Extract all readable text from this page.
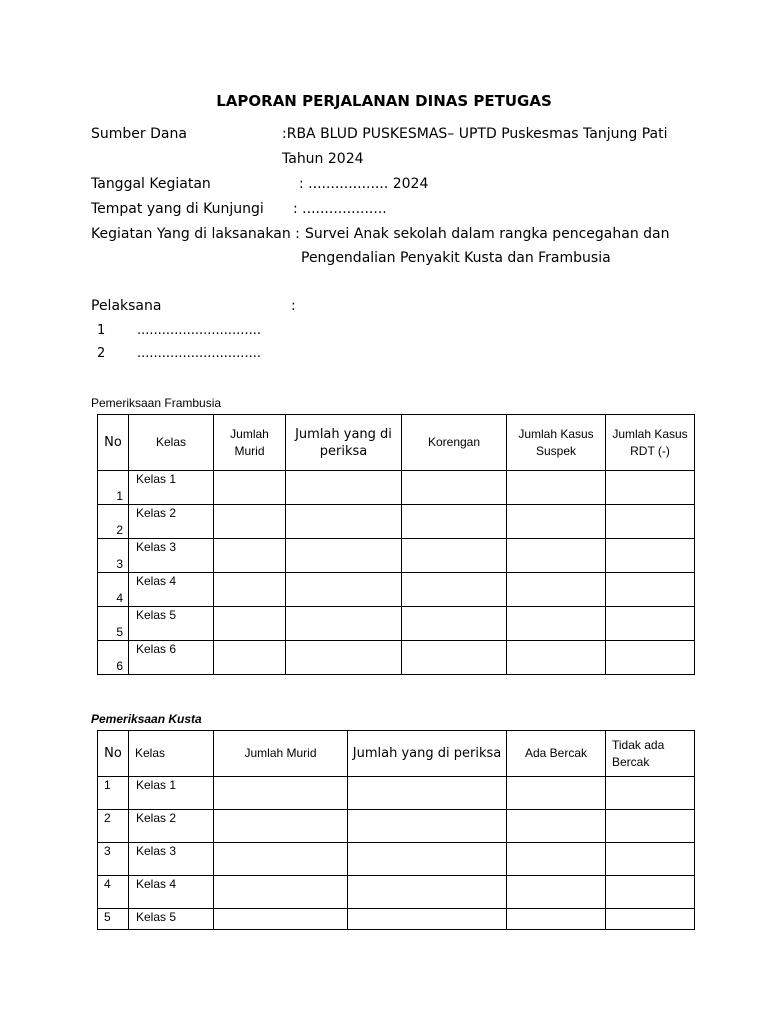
LAPORAN PERJALANAN DINAS PETUGAS
Sumber Dana	:RBA BLUD PUSKESMAS– UPTD Puskesmas Tanjung Pati
Tahun 2024
Tanggal Kegiatan	: .................. 2024
Tempat yang di Kunjungi : ...................
Kegiatan Yang di laksanakan : Survei Anak sekolah dalam rangka pencegahan dan
Pengendalian Penyakit Kusta dan Frambusia
Pelaksana	:
1 ..............................
2 ..............................
Pemeriksaan Frambusia
No	Kelas	Jumlah Murid	Jumlah yang di periksa	Korengan	Jumlah Kasus Suspek	Jumlah Kasus RDT (-)
1	Kelas 1					
2	Kelas 2					
3	Kelas 3					
4	Kelas 4					
5	Kelas 5					
6	Kelas 6					
Pemeriksaan Kusta
No	Kelas	Jumlah Murid	Jumlah yang di periksa	Ada Bercak	Tidak ada Bercak
1	Kelas 1				
2	Kelas 2				
3	Kelas 3				
4	Kelas 4				
5	Kelas 5				
